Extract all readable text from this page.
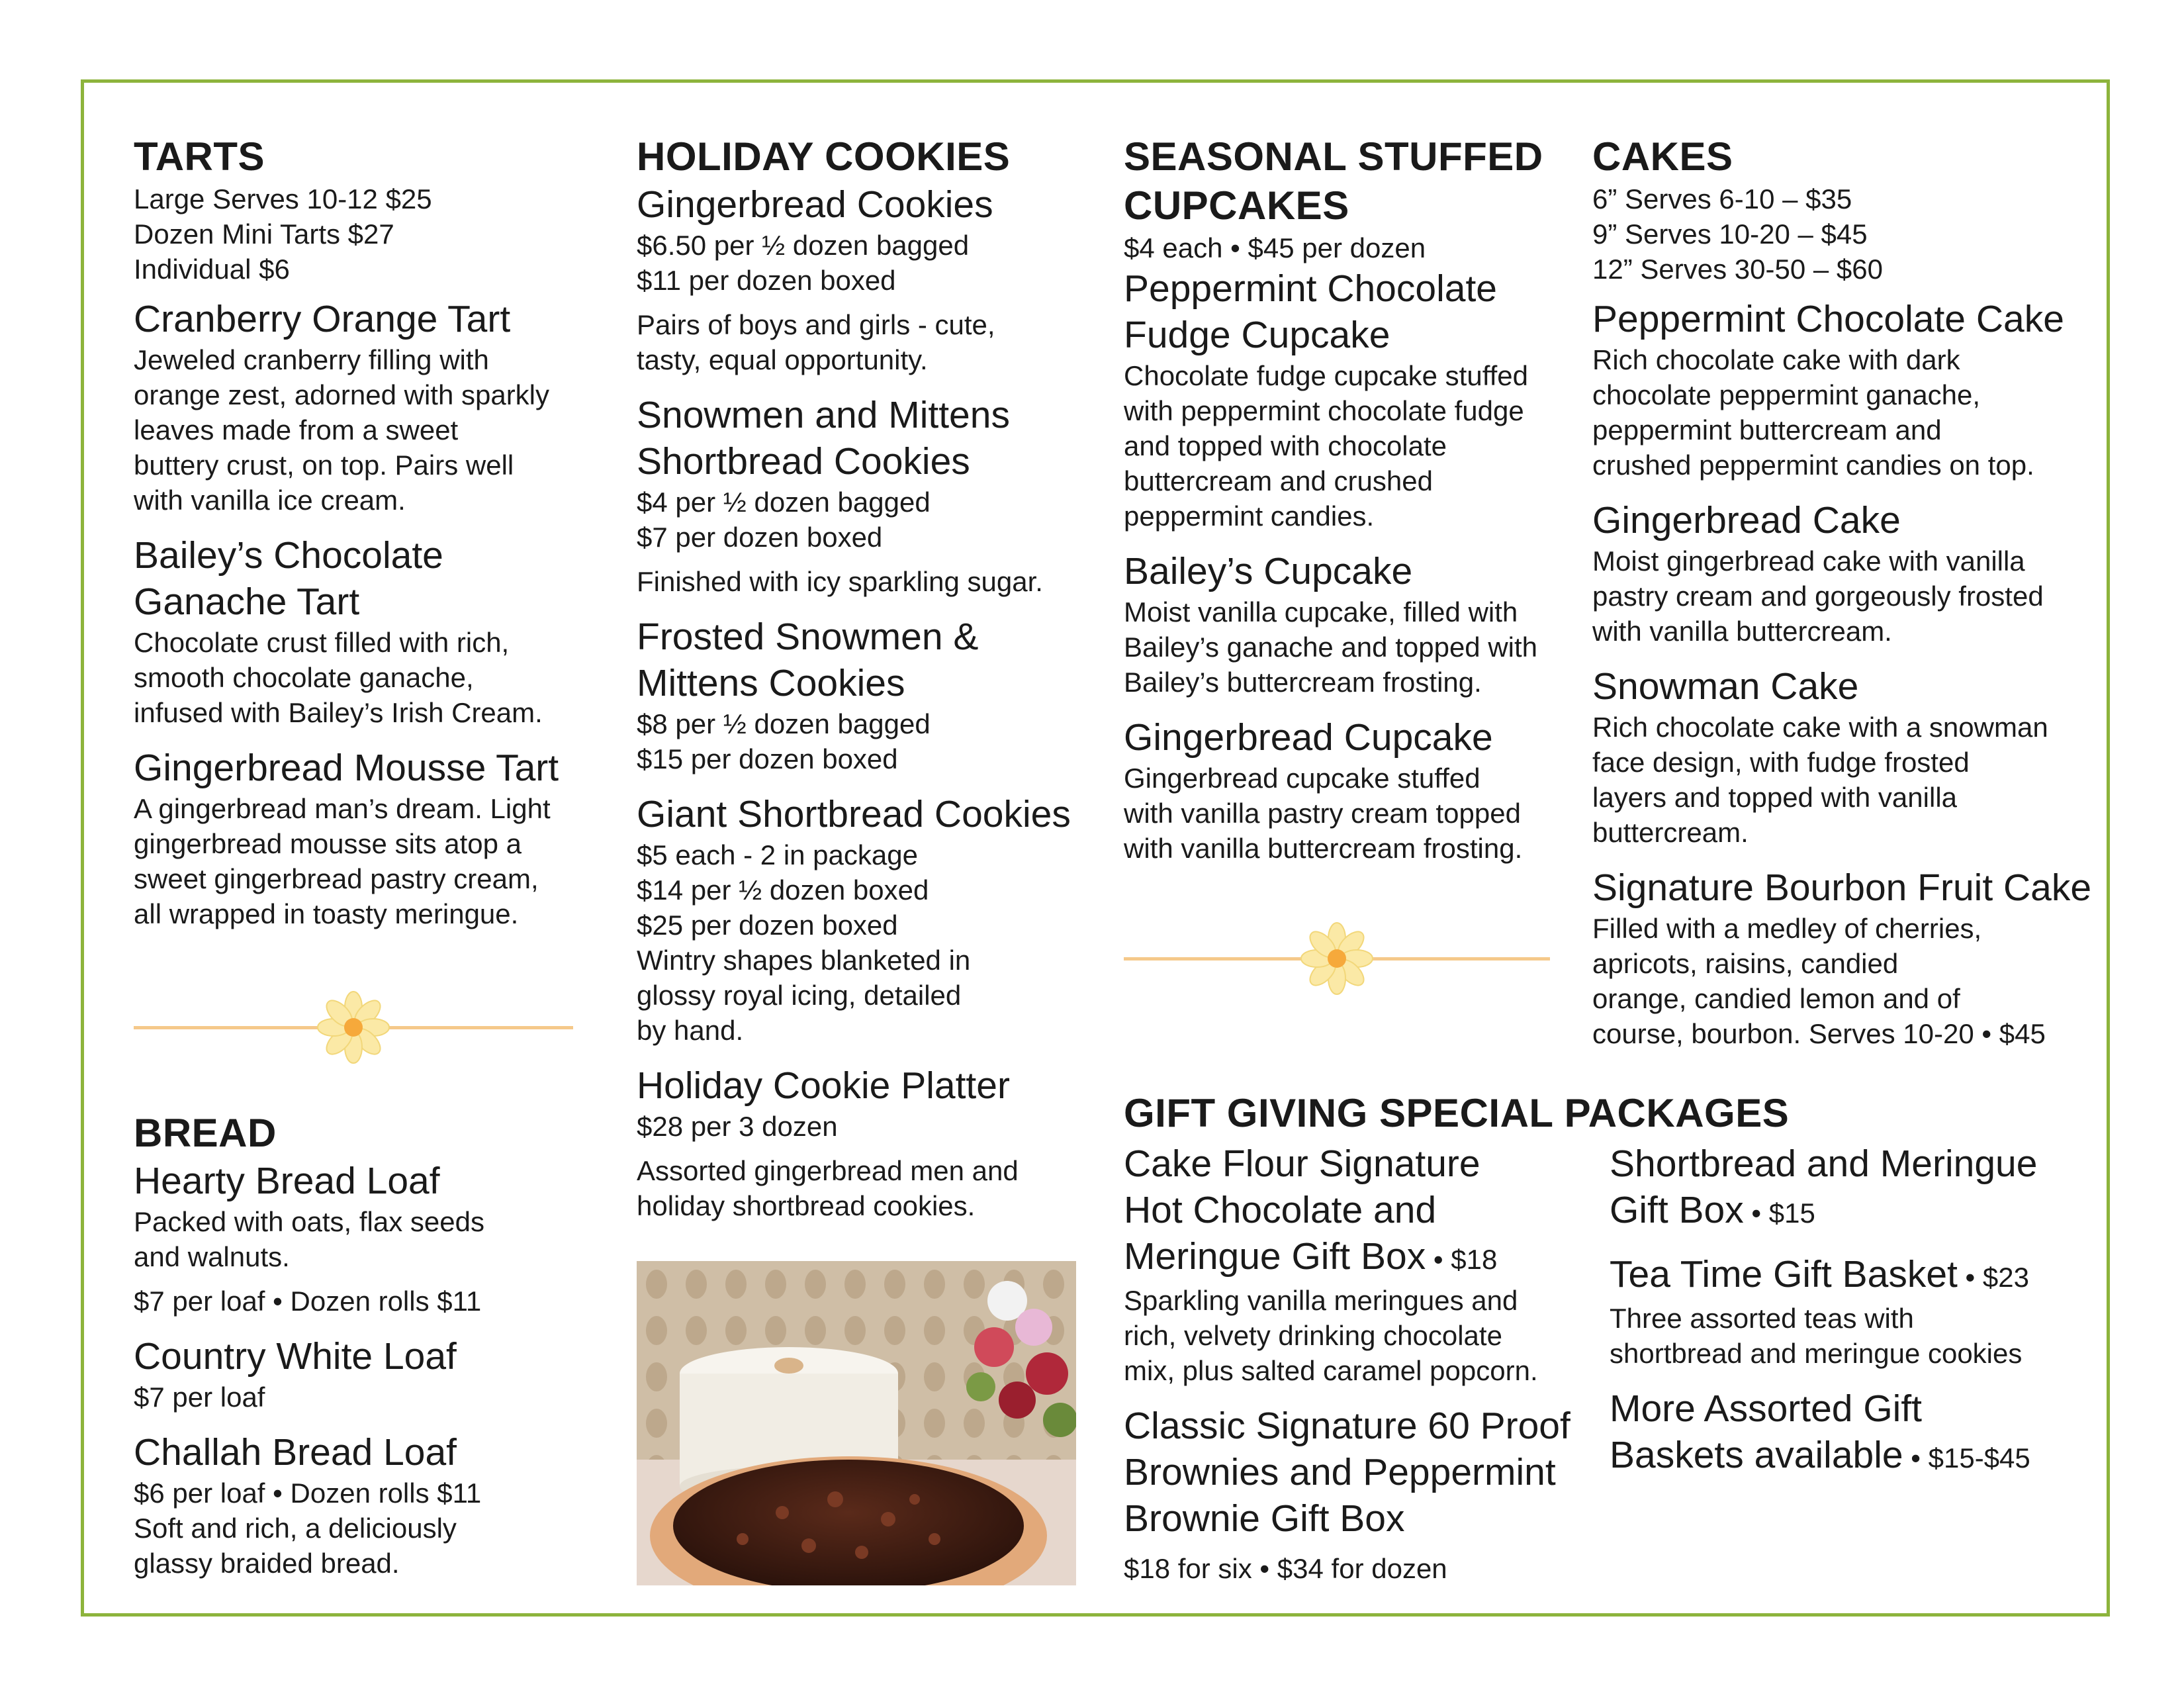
TARTS

Large Serves 10-12 $25

Dozen Mini Tarts $27

Individual $6

Cranberry Orange Tart

Jeweled cranberry filling with

orange zest, adorned with sparkly

leaves made from a sweet

buttery crust, on top. Pairs well

with vanilla ice cream.

Bailey’s Chocolate

Ganache Tart

Chocolate crust filled with rich,

smooth chocolate ganache,

infused with Bailey’s Irish Cream.

Gingerbread Mousse Tart

A gingerbread man’s dream. Light

gingerbread mousse sits atop a

sweet gingerbread pastry cream,

all wrapped in toasty meringue.

BREAD

Hearty Bread Loaf

Packed with oats, flax seeds

and walnuts.

$7 per loaf • Dozen rolls $11

Country White Loaf

$7 per loaf

Challah Bread Loaf

$6 per loaf • Dozen rolls $11

Soft and rich, a deliciously

glassy braided bread.

HOLIDAY COOKIES

Gingerbread Cookies

$6.50 per ½ dozen bagged

$11 per dozen boxed

Pairs of boys and girls - cute,

tasty, equal opportunity.

Snowmen and Mittens

Shortbread Cookies

$4 per ½ dozen bagged

$7 per dozen boxed

Finished with icy sparkling sugar.

Frosted Snowmen &

Mittens Cookies

$8 per ½ dozen bagged

$15 per dozen boxed

Giant Shortbread Cookies

$5 each - 2 in package

$14 per ½ dozen boxed

$25 per dozen boxed

Wintry shapes blanketed in

glossy royal icing, detailed

by hand.

Holiday Cookie Platter

$28 per 3 dozen

Assorted gingerbread men and

holiday shortbread cookies.

SEASONAL STUFFED

CUPCAKES

$4 each • $45 per dozen

Peppermint Chocolate

Fudge Cupcake

Chocolate fudge cupcake stuffed

with peppermint chocolate fudge

and topped with chocolate

buttercream and crushed

peppermint candies.

Bailey’s Cupcake

Moist vanilla cupcake, filled with

Bailey’s ganache and topped with

Bailey’s buttercream frosting.

Gingerbread Cupcake

Gingerbread cupcake stuffed

with vanilla pastry cream topped

with vanilla buttercream frosting.

CAKES

6” Serves 6-10 – $35

9” Serves 10-20 – $45

12” Serves 30-50 – $60

Peppermint Chocolate Cake

Rich chocolate cake with dark

chocolate peppermint ganache,

peppermint buttercream and

crushed peppermint candies on top.

Gingerbread Cake

Moist gingerbread cake with vanilla

pastry cream and gorgeously frosted

with vanilla buttercream.

Snowman Cake

Rich chocolate cake with a snowman

face design, with fudge frosted

layers and topped with vanilla

buttercream.

Signature Bourbon Fruit Cake

Filled with a medley of cherries,

apricots, raisins, candied

orange, candied lemon and of

course, bourbon. Serves 10-20 • $45

GIFT GIVING SPECIAL PACKAGES

Cake Flour Signature

Hot Chocolate and

Meringue Gift Box • $18

Sparkling vanilla meringues and

rich, velvety drinking chocolate

mix, plus salted caramel popcorn.

Classic Signature 60 Proof

Brownies and Peppermint

Brownie Gift Box

$18 for six • $34 for dozen

Shortbread and Meringue

Gift Box • $15

Tea Time Gift Basket • $23

Three assorted teas with

shortbread and meringue cookies

More Assorted Gift

Baskets available • $15-$45
